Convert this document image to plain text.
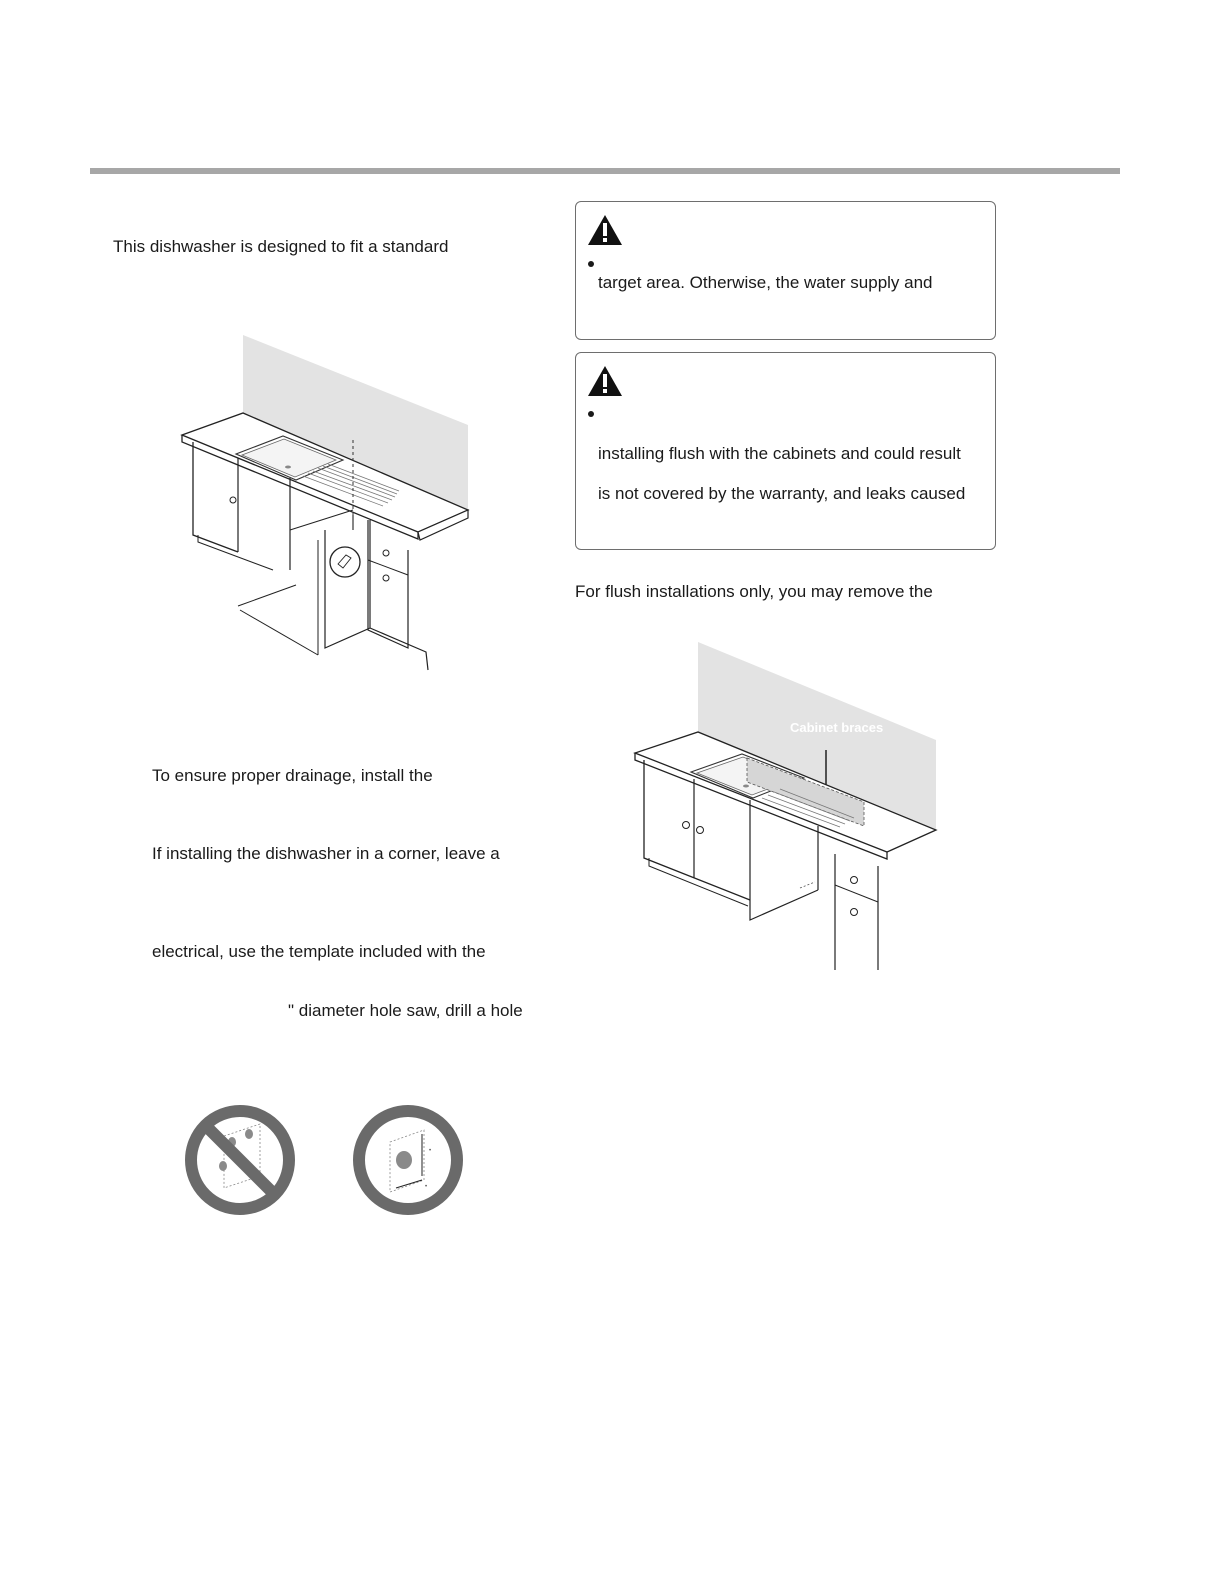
This dishwasher is designed to fit a standard
To ensure proper drainage, install the
If installing the dishwasher in a corner, leave a
electrical, use the template included with the
" diameter hole saw, drill a hole
•
•
target area. Otherwise, the water supply and
installing flush with the cabinets and could result
is not covered by the warranty, and leaks caused
For flush installations only, you may remove the
Cabinet braces
